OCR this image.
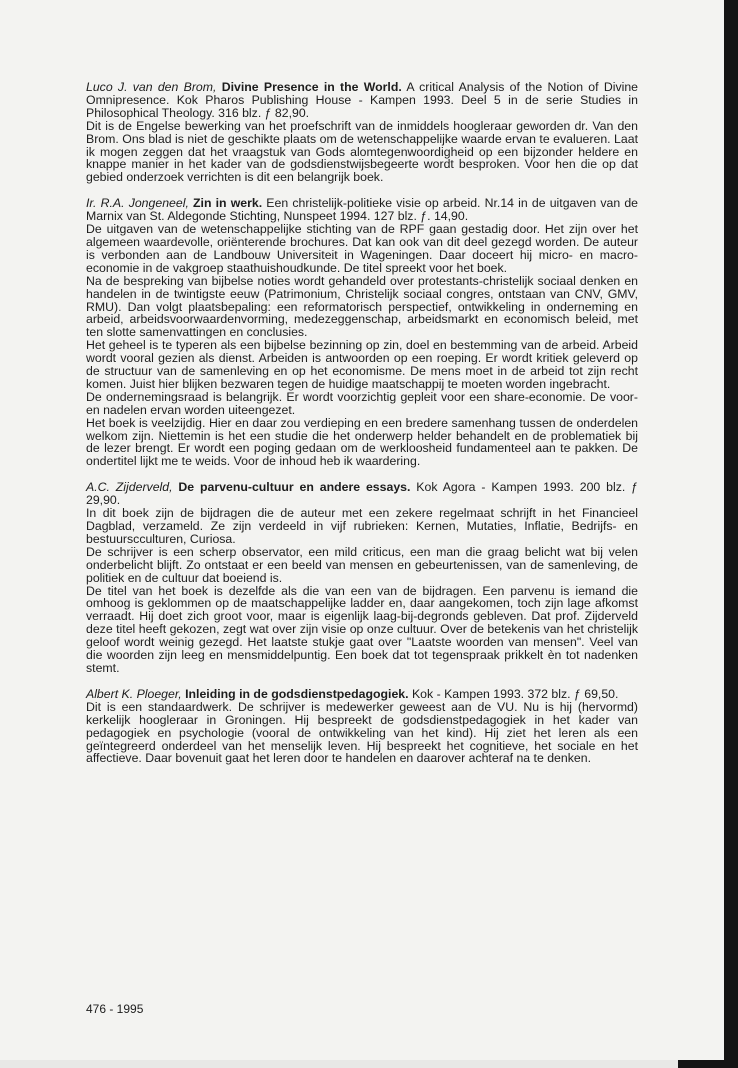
Luco J. van den Brom, Divine Presence in the World. A critical Analysis of the Notion of Divine Omnipresence. Kok Pharos Publishing House - Kampen 1993. Deel 5 in de serie Studies in Philosophical Theology. 316 blz. ƒ 82,90.

Dit is de Engelse bewerking van het proefschrift van de inmiddels hoogleraar geworden dr. Van den Brom. Ons blad is niet de geschikte plaats om de wetenschappelijke waarde ervan te evalueren. Laat ik mogen zeggen dat het vraagstuk van Gods alomtegenwoordigheid op een bijzonder heldere en knappe manier in het kader van de godsdienstwijsbegeerte wordt besproken. Voor hen die op dat gebied onderzoek verrichten is dit een belangrijk boek.

Ir. R.A. Jongeneel, Zin in werk. Een christelijk-politieke visie op arbeid. Nr.14 in de uitgaven van de Marnix van St. Aldegonde Stichting, Nunspeet 1994. 127 blz. ƒ. 14,90.

De uitgaven van de wetenschappelijke stichting van de RPF gaan gestadig door. Het zijn over het algemeen waardevolle, oriënterende brochures. Dat kan ook van dit deel gezegd worden. De auteur is verbonden aan de Landbouw Universiteit in Wageningen. Daar doceert hij micro- en macro-economie in de vakgroep staathuishoudkunde. De titel spreekt voor het boek.

Na de bespreking van bijbelse noties wordt gehandeld over protestants-christelijk sociaal denken en handelen in de twintigste eeuw (Patrimonium, Christelijk sociaal congres, ontstaan van CNV, GMV, RMU). Dan volgt plaatsbepaling: een reformatorisch perspectief, ontwikkeling in onderneming en arbeid, arbeidsvoorwaardenvorming, medezeggenschap, arbeidsmarkt en economisch beleid, met ten slotte samenvattingen en conclusies.

Het geheel is te typeren als een bijbelse bezinning op zin, doel en bestemming van de arbeid. Arbeid wordt vooral gezien als dienst. Arbeiden is antwoorden op een roeping. Er wordt kritiek geleverd op de structuur van de samenleving en op het economisme. De mens moet in de arbeid tot zijn recht komen. Juist hier blijken bezwaren tegen de huidige maatschappij te moeten worden ingebracht.

De ondernemingsraad is belangrijk. Er wordt voorzichtig gepleit voor een share-economie. De voor- en nadelen ervan worden uiteengezet.

Het boek is veelzijdig. Hier en daar zou verdieping en een bredere samenhang tussen de onderdelen welkom zijn. Niettemin is het een studie die het onderwerp helder behandelt en de problematiek bij de lezer brengt. Er wordt een poging gedaan om de werkloosheid fundamenteel aan te pakken. De ondertitel lijkt me te weids. Voor de inhoud heb ik waardering.

A.C. Zijderveld, De parvenu-cultuur en andere essays. Kok Agora - Kampen 1993. 200 blz. ƒ 29,90.

In dit boek zijn de bijdragen die de auteur met een zekere regelmaat schrijft in het Financieel Dagblad, verzameld. Ze zijn verdeeld in vijf rubrieken: Kernen, Mutaties, Inflatie, Bedrijfs- en bestuurscculturen, Curiosa.

De schrijver is een scherp observator, een mild criticus, een man die graag belicht wat bij velen onderbelicht blijft. Zo ontstaat er een beeld van mensen en gebeurtenissen, van de samenleving, de politiek en de cultuur dat boeiend is.

De titel van het boek is dezelfde als die van een van de bijdragen. Een parvenu is iemand die omhoog is geklommen op de maatschappelijke ladder en, daar aangekomen, toch zijn lage afkomst verraadt. Hij doet zich groot voor, maar is eigenlijk laag-bij-degronds gebleven. Dat prof. Zijderveld deze titel heeft gekozen, zegt wat over zijn visie op onze cultuur. Over de betekenis van het christelijk geloof wordt weinig gezegd. Het laatste stukje gaat over "Laatste woorden van mensen". Veel van die woorden zijn leeg en mensmiddelpuntig. Een boek dat tot tegenspraak prikkelt èn tot nadenken stemt.

Albert K. Ploeger, Inleiding in de godsdienstpedagogiek. Kok - Kampen 1993. 372 blz. ƒ 69,50.

Dit is een standaardwerk. De schrijver is medewerker geweest aan de VU. Nu is hij (hervormd) kerkelijk hoogleraar in Groningen. Hij bespreekt de godsdienstpedagogiek in het kader van pedagogiek en psychologie (vooral de ontwikkeling van het kind). Hij ziet het leren als een geïntegreerd onderdeel van het menselijk leven. Hij bespreekt het cognitieve, het sociale en het affectieve. Daar bovenuit gaat het leren door te handelen en daarover achteraf na te denken.

476 - 1995
